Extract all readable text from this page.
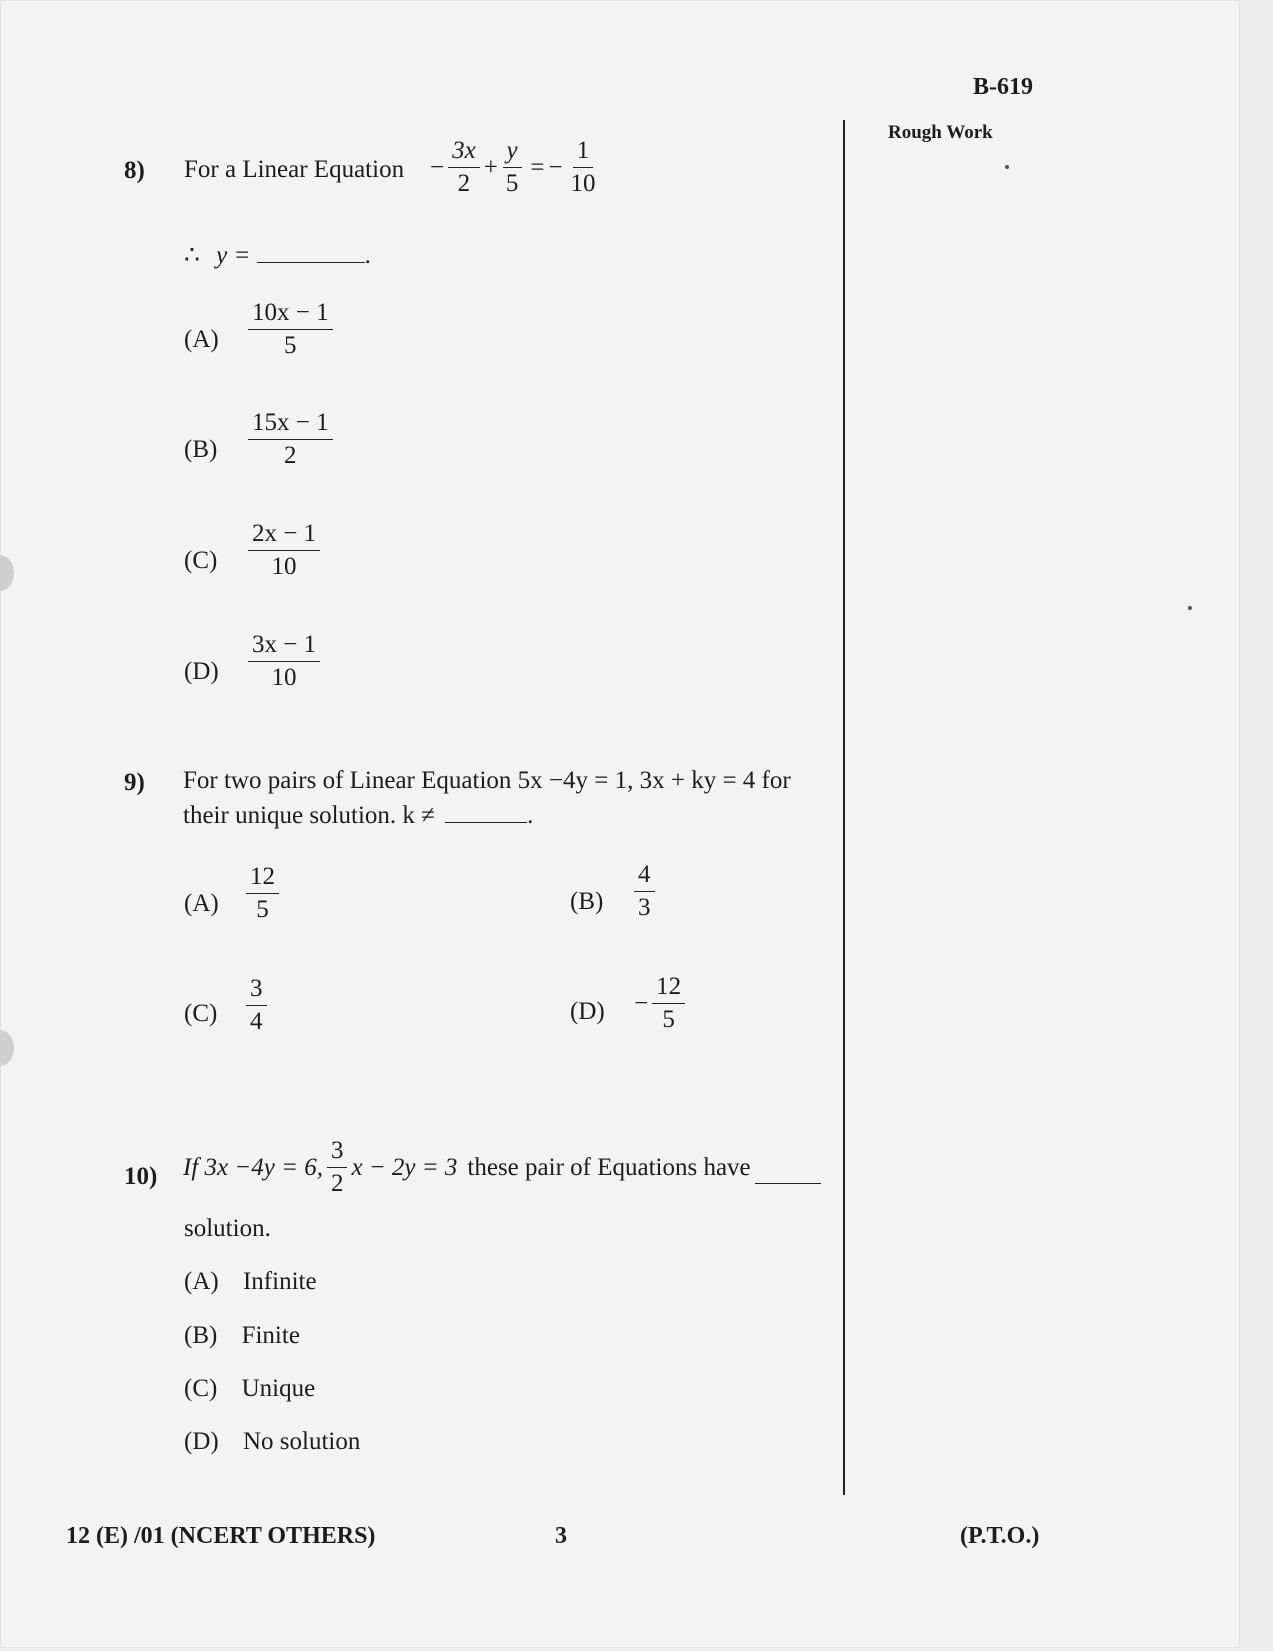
B-619
Rough Work
8) For a Linear Equation − $\frac{3x}{2} + \frac{y}{5}$ = − $\frac{1}{10}$
∴ y =	.
$(A) \frac{10x - 1}{5}$
$(B) \frac{15x - 1}{2}$
$(C) \frac{2x - 1}{10}$
$(D) \frac{3x - 1}{10}$
9) For two pairs of Linear Equation 5x −4y = 1, 3x + ky = 4 for
their unique solution. k ≠	.
$(A) \frac{12}{5}$	$(B) \frac{4}{3}$
$(C) \frac{3}{4}$	$(D) - \frac{12}{5}$
10) If 3x −4y = 6, $\frac{3}{2}$ x − 2y = 3 these pair of Equations have
solution.
(A) Infinite
(B) Finite
(C) Unique
(D) No solution
12 (E) /01 (NCERT OTHERS)	3	(P.T.O.)
